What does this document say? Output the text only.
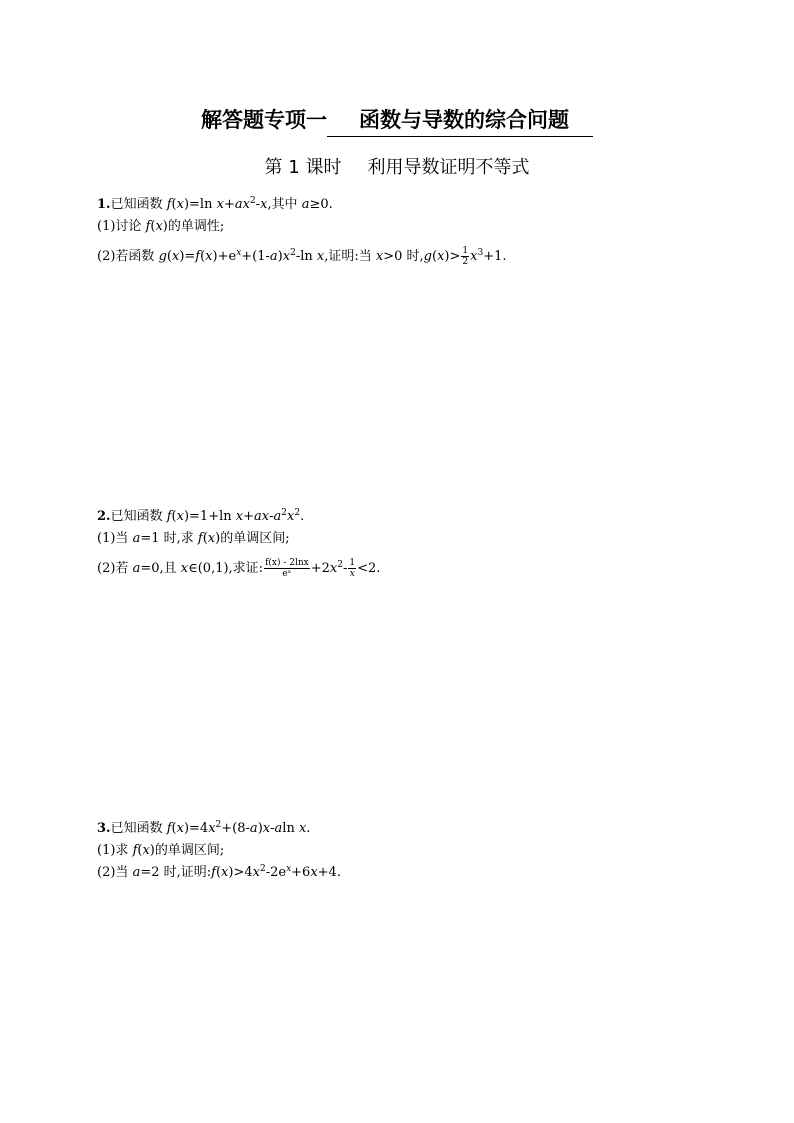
解答题专项一 函数与导数的综合问题
第 1 课时 利用导数证明不等式
1.已知函数 f(x)=ln $x+ax^2-x$,其中 a≥0.
(1)讨论 f(x)的单调性;
(2)若函数 $g(x)=f(x)+e^x+(1-a)x^2-\ln$ x,证明:当 x>0 时$,g(x)> \frac{1}{2} x^3+1$.
2.已知函数 f(x)=1+ln $x+ax-a^2x^2$.
(1)当 a=1 时,求 f(x)的单调区间;
(2)若 a=0,且 x∈(0,1),求证: $\frac{f(x) - 2\ln x}{\text{eˣ}} +2x^2- \frac{1}{x} <2$.
3.已知函数 $f(x)=4x^2+(8-a)x$-aln x.
(1)求 f(x)的单调区间;
(2)当 a=2 时,证明$:f(x)>4x^2-2e^x+6x+4$.
